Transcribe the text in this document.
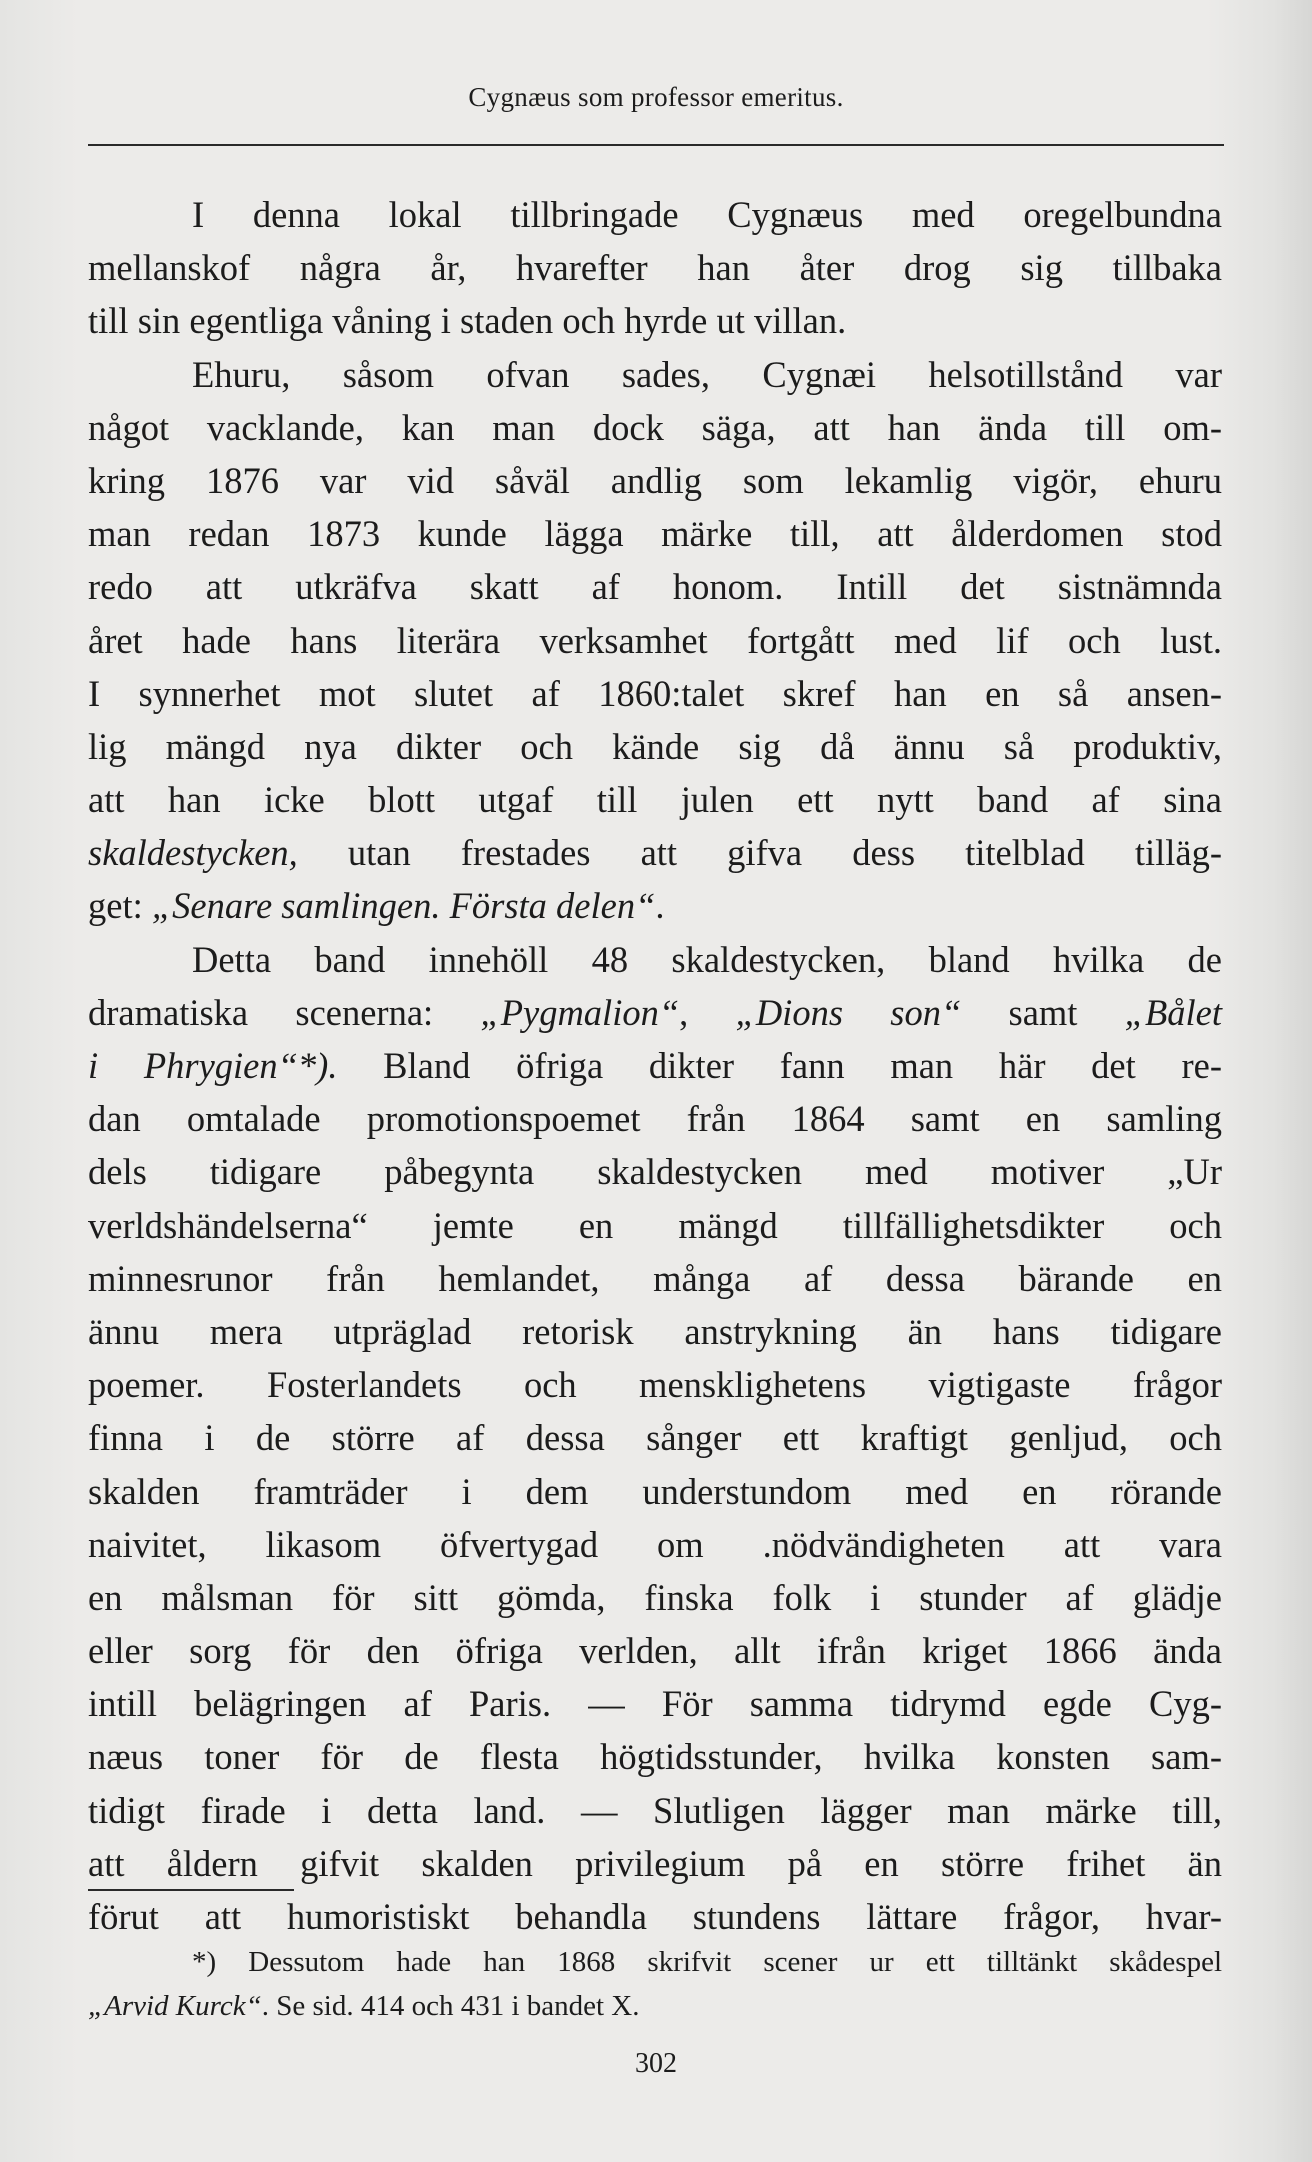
Cygnæus som professor emeritus.
I denna lokal tillbringade Cygnæus med oregelbundna
mellanskof några år, hvarefter han åter drog sig tillbaka
till sin egentliga våning i staden och hyrde ut villan.
Ehuru, såsom ofvan sades, Cygnæi helsotillstånd var
något vacklande, kan man dock säga, att han ända till om-
kring 1876 var vid såväl andlig som lekamlig vigör, ehuru
man redan 1873 kunde lägga märke till, att ålderdomen stod
redo att utkräfva skatt af honom. Intill det sistnämnda
året hade hans literära verksamhet fortgått med lif och lust.
I synnerhet mot slutet af 1860:talet skref han en så ansen-
lig mängd nya dikter och kände sig då ännu så produktiv,
att han icke blott utgaf till julen ett nytt band af sina
skaldestycken, utan frestades att gifva dess titelblad tilläg-
get: „Senare samlingen. Första delen“.
Detta band innehöll 48 skaldestycken, bland hvilka de
dramatiska scenerna: „Pygmalion“, „Dions son“ samt „Bålet
i Phrygien“*). Bland öfriga dikter fann man här det re-
dan omtalade promotionspoemet från 1864 samt en samling
dels tidigare påbegynta skaldestycken med motiver „Ur
verldshändelserna“ jemte en mängd tillfällighetsdikter och
minnesrunor från hemlandet, många af dessa bärande en
ännu mera utpräglad retorisk anstrykning än hans tidigare
poemer. Fosterlandets och mensklighetens vigtigaste frågor
finna i de större af dessa sånger ett kraftigt genljud, och
skalden framträder i dem understundom med en rörande
naivitet, likasom öfvertygad om .nödvändigheten att vara
en målsman för sitt gömda, finska folk i stunder af glädje
eller sorg för den öfriga verlden, allt ifrån kriget 1866 ända
intill belägringen af Paris. — För samma tidrymd egde Cyg-
næus toner för de flesta högtidsstunder, hvilka konsten sam-
tidigt firade i detta land. — Slutligen lägger man märke till,
att åldern gifvit skalden privilegium på en större frihet än
förut att humoristiskt behandla stundens lättare frågor, hvar-
*) Dessutom hade han 1868 skrifvit scener ur ett tilltänkt skådespel
„Arvid Kurck“. Se sid. 414 och 431 i bandet X.
302
